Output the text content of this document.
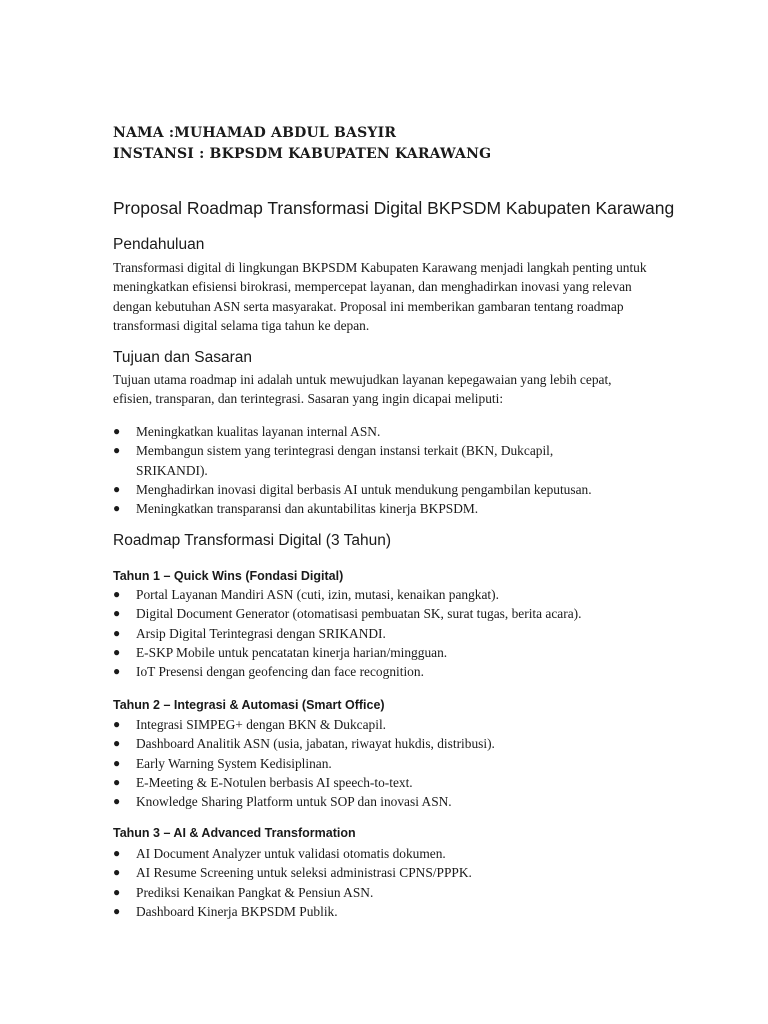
NAMA :MUHAMAD ABDUL BASYIR
INSTANSI : BKPSDM KABUPATEN KARAWANG
Proposal Roadmap Transformasi Digital BKPSDM Kabupaten Karawang
Pendahuluan
Transformasi digital di lingkungan BKPSDM Kabupaten Karawang menjadi langkah penting untuk meningkatkan efisiensi birokrasi, mempercepat layanan, dan menghadirkan inovasi yang relevan dengan kebutuhan ASN serta masyarakat. Proposal ini memberikan gambaran tentang roadmap transformasi digital selama tiga tahun ke depan.
Tujuan dan Sasaran
Tujuan utama roadmap ini adalah untuk mewujudkan layanan kepegawaian yang lebih cepat, efisien, transparan, dan terintegrasi. Sasaran yang ingin dicapai meliputi:
● Meningkatkan kualitas layanan internal ASN.
● Membangun sistem yang terintegrasi dengan instansi terkait (BKN, Dukcapil, SRIKANDI).
● Menghadirkan inovasi digital berbasis AI untuk mendukung pengambilan keputusan.
● Meningkatkan transparansi dan akuntabilitas kinerja BKPSDM.
Roadmap Transformasi Digital (3 Tahun)
Tahun 1 – Quick Wins (Fondasi Digital)
● Portal Layanan Mandiri ASN (cuti, izin, mutasi, kenaikan pangkat).
● Digital Document Generator (otomatisasi pembuatan SK, surat tugas, berita acara).
● Arsip Digital Terintegrasi dengan SRIKANDI.
● E-SKP Mobile untuk pencatatan kinerja harian/mingguan.
● IoT Presensi dengan geofencing dan face recognition.
Tahun 2 – Integrasi & Automasi (Smart Office)
● Integrasi SIMPEG+ dengan BKN & Dukcapil.
● Dashboard Analitik ASN (usia, jabatan, riwayat hukdis, distribusi).
● Early Warning System Kedisiplinan.
● E-Meeting & E-Notulen berbasis AI speech-to-text.
● Knowledge Sharing Platform untuk SOP dan inovasi ASN.
Tahun 3 – AI & Advanced Transformation
● AI Document Analyzer untuk validasi otomatis dokumen.
● AI Resume Screening untuk seleksi administrasi CPNS/PPPK.
● Prediksi Kenaikan Pangkat & Pensiun ASN.
● Dashboard Kinerja BKPSDM Publik.
